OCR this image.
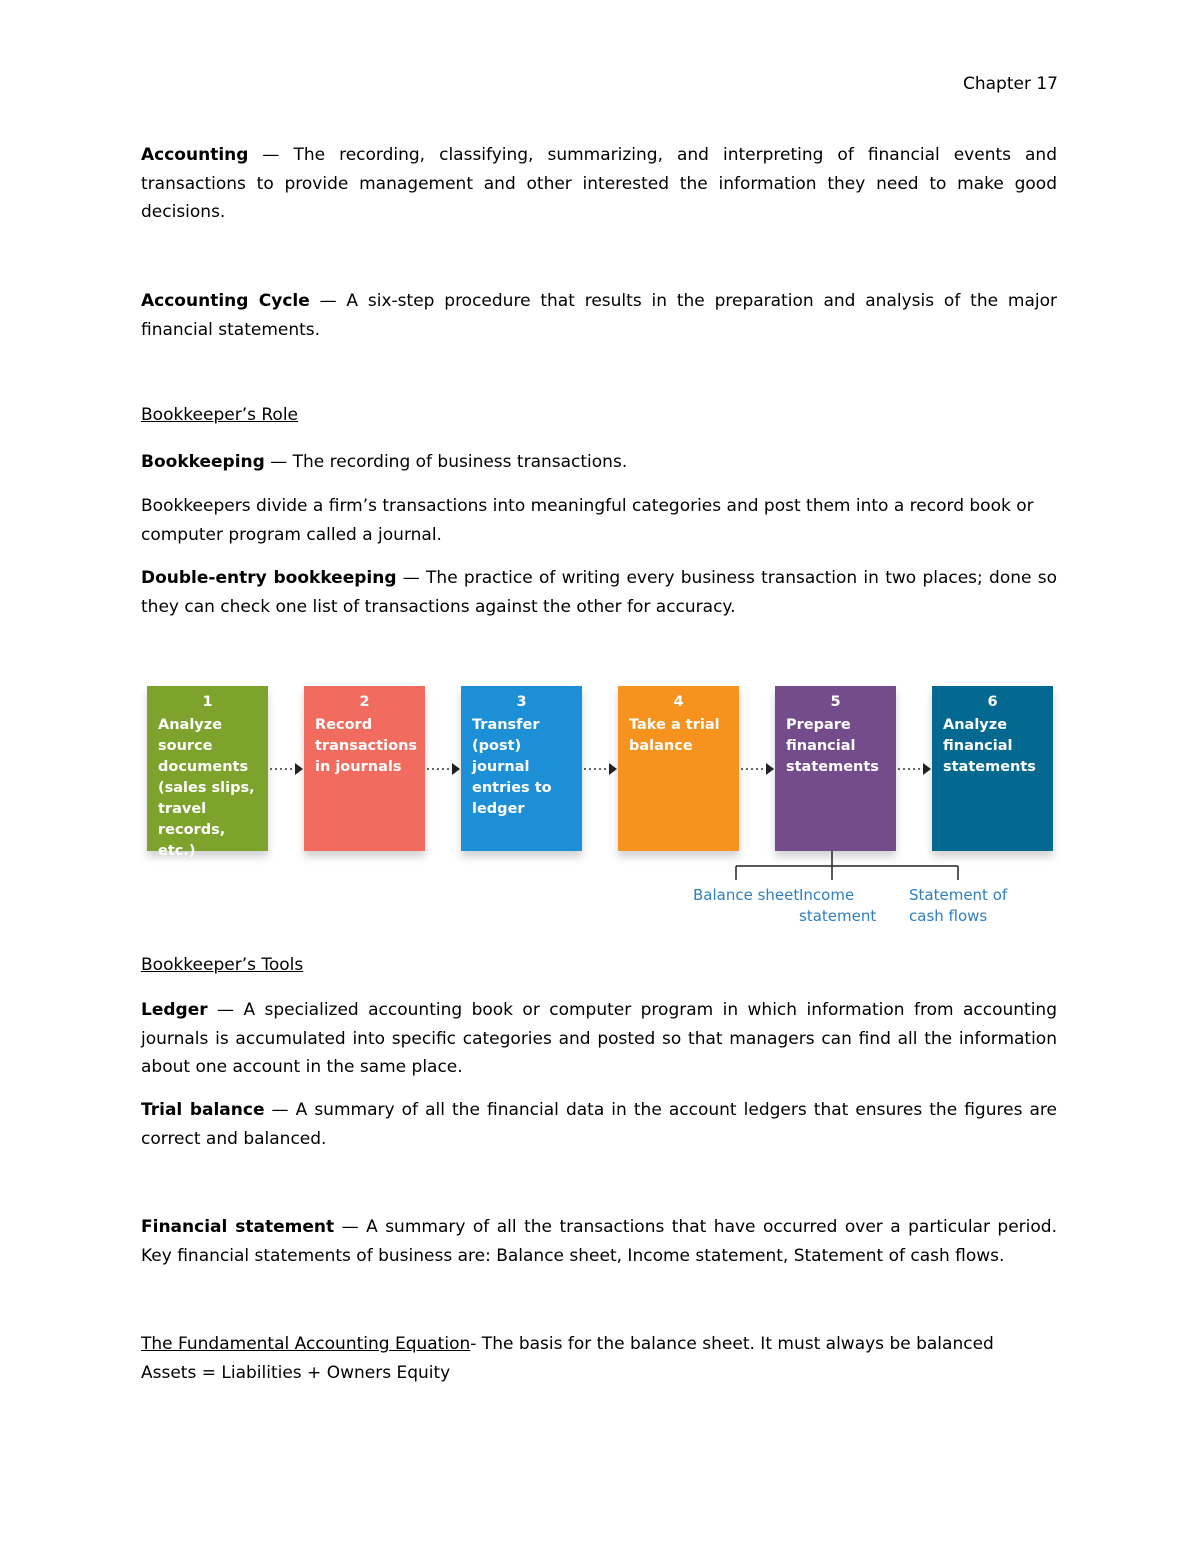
Chapter 17

Accounting — The recording, classifying, summarizing, and interpreting of financial events and transactions to provide management and other interested the information they need to make good decisions.

Accounting Cycle — A six-step procedure that results in the preparation and analysis of the major financial statements.

Bookkeeper’s Role

Bookkeeping — The recording of business transactions.

Bookkeepers divide a firm’s transactions into meaningful categories and post them into a record book or computer program called a journal.

Double-entry bookkeeping — The practice of writing every business transaction in two places; done so they can check one list of transactions against the other for accuracy.

1
Analyze source documents (sales slips, travel records, etc.)
2
Record transactions in journals
3
Transfer (post) journal entries to ledger
4
Take a trial balance
5
Prepare financial statements
6
Analyze financial statements
Balance sheet Income statement
Statement of cash flows

Bookkeeper’s Tools

Ledger — A specialized accounting book or computer program in which information from accounting journals is accumulated into specific categories and posted so that managers can find all the information about one account in the same place.

Trial balance — A summary of all the financial data in the account ledgers that ensures the figures are correct and balanced.

Financial statement — A summary of all the transactions that have occurred over a particular period. Key financial statements of business are: Balance sheet, Income statement, Statement of cash flows.

The Fundamental Accounting Equation- The basis for the balance sheet. It must always be balanced
Assets = Liabilities + Owners Equity
